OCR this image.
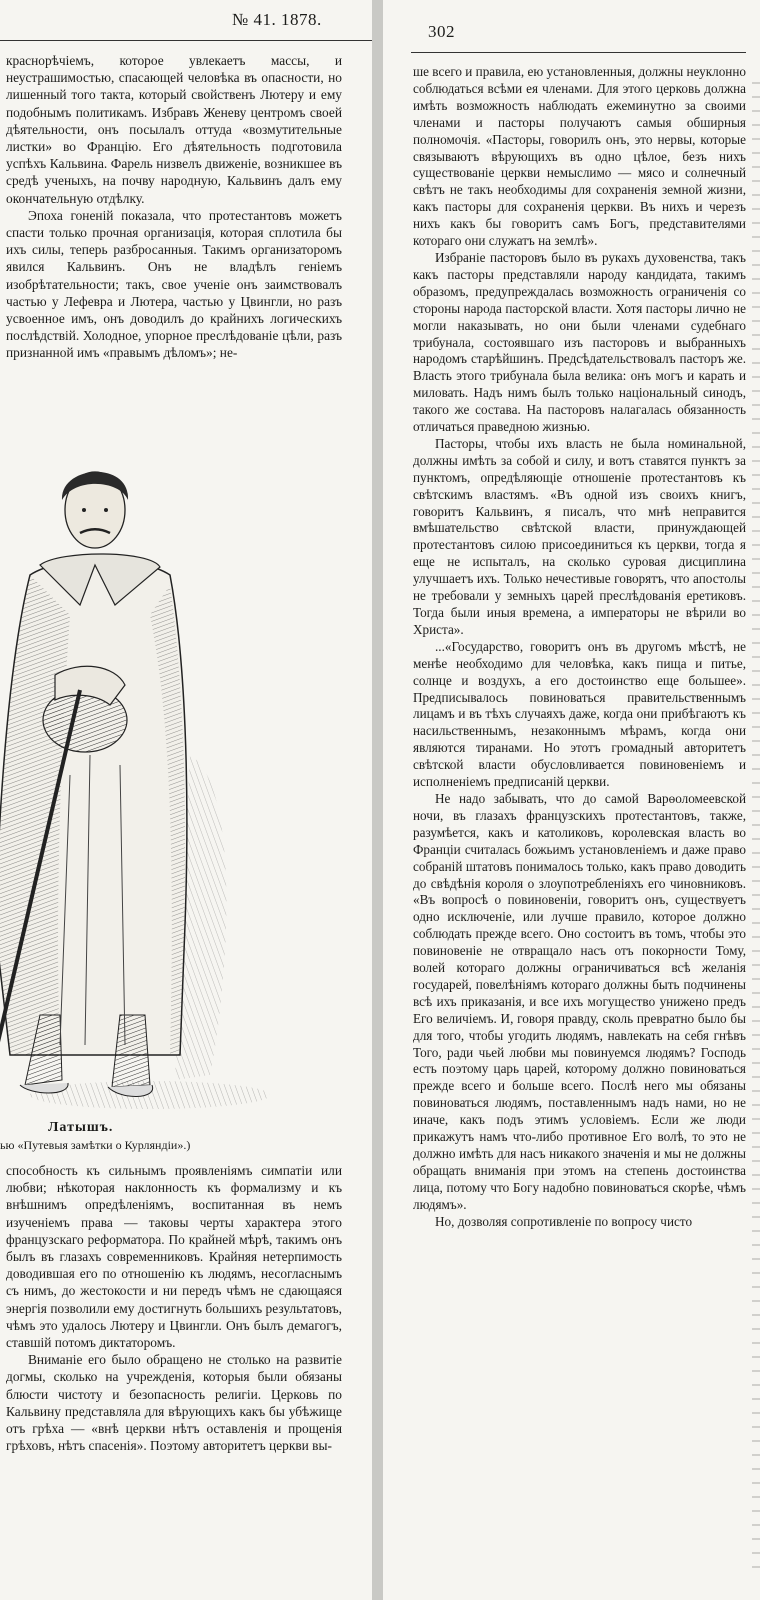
№ 41. 1878.

краснорѣчіемъ, которое увлекаетъ массы, и неустрашимостью, спасающей человѣка въ опасности, но лишенный того такта, который свойственъ Лютеру и ему подобнымъ политикамъ. Избравъ Женеву центромъ своей дѣятельности, онъ посылалъ оттуда «возмутительные листки» во Францію. Его дѣятельность подготовила успѣхъ Кальвина. Фарель низвелъ движеніе, возникшее въ средѣ ученыхъ, на почву народную, Кальвинъ далъ ему окончательную отдѣлку.

Эпоха гоненій показала, что протестантовъ можетъ спасти только прочная организація, которая сплотила бы ихъ силы, теперь разбросанныя. Такимъ организаторомъ явился Кальвинъ. Онъ не владѣлъ геніемъ изобрѣтательности; такъ, свое ученіе онъ заимствовалъ частью у Лефевра и Лютера, частью у Цвингли, но разъ усвоенное имъ, онъ доводилъ до крайнихъ логическихъ послѣдствій. Холодное, упорное преслѣдованіе цѣли, разъ признанной имъ «правымъ дѣломъ»; не-

Латышъ.
ью «Путевыя замѣтки о Курляндіи».)

способность къ сильнымъ проявленіямъ симпатіи или любви; нѣкоторая наклонность къ формализму и къ внѣшнимъ опредѣленіямъ, воспитанная въ немъ изученіемъ права — таковы черты характера этого французскаго реформатора. По крайней мѣрѣ, такимъ онъ былъ въ глазахъ современниковъ. Крайняя нетерпимость доводившая его по отношенію къ людямъ, несогласнымъ съ нимъ, до жестокости и ни передъ чѣмъ не сдающаяся энергія позволили ему достигнуть большихъ результатовъ, чѣмъ это удалось Лютеру и Цвингли. Онъ былъ демагогъ, ставшій потомъ диктаторомъ.

Вниманіе его было обращено не столько на развитіе догмы, сколько на учрежденія, которыя были обязаны блюсти чистоту и безопасность религіи. Церковь по Кальвину представляла для вѣрующихъ какъ бы убѣжище отъ грѣха — «внѣ церкви нѣтъ оставленія и прощенія грѣховъ, нѣтъ спасенія». Поэтому авторитетъ церкви вы-

302

ше всего и правила, ею установленныя, должны неуклонно соблюдаться всѣми ея членами. Для этого церковь должна имѣть возможность наблюдать ежеминутно за своими членами и пасторы получаютъ самыя обширныя полномочія. «Пасторы, говорилъ онъ, это нервы, которые связываютъ вѣрующихъ въ одно цѣлое, безъ нихъ существованіе церкви немыслимо — мясо и солнечный свѣтъ не такъ необходимы для сохраненія земной жизни, какъ пасторы для сохраненія церкви. Въ нихъ и черезъ нихъ какъ бы говоритъ самъ Богъ, представителями котораго они служатъ на землѣ».

Избраніе пасторовъ было въ рукахъ духовенства, такъ какъ пасторы представляли народу кандидата, такимъ образомъ, предупреждалась возможность ограниченія со стороны народа пасторской власти. Хотя пасторы лично не могли наказывать, но они были членами судебнаго трибунала, состоявшаго изъ пасторовъ и выбранныхъ народомъ старѣйшинъ. Предсѣдательствовалъ пасторъ же. Власть этого трибунала была велика: онъ могъ и карать и миловать. Надъ нимъ былъ только національный синодъ, такого же состава. На пасторовъ налагалась обязанность отличаться праведною жизнью.

Пасторы, чтобы ихъ власть не была номинальной, должны имѣть за собой и силу, и вотъ ставятся пунктъ за пунктомъ, опредѣляющіе отношеніе протестантовъ къ свѣтскимъ властямъ. «Въ одной изъ своихъ книгъ, говоритъ Кальвинъ, я писалъ, что мнѣ неправится вмѣшательство свѣтской власти, принуждающей протестантовъ силою присоединиться къ церкви, тогда я еще не испыталъ, на сколько суровая дисциплина улучшаетъ ихъ. Только нечестивые говорятъ, что апостолы не требовали у земныхъ царей преслѣдованія еретиковъ. Тогда были иныя времена, а императоры не вѣрили во Христа».

...«Государство, говоритъ онъ въ другомъ мѣстѣ, не менѣе необходимо для человѣка, какъ пища и питье, солнце и воздухъ, а его достоинство еще большее». Предписывалось повиноваться правительственнымъ лицамъ и въ тѣхъ случаяхъ даже, когда они прибѣгаютъ къ насильственнымъ, незаконнымъ мѣрамъ, когда они являются тиранами. Но этотъ громадный авторитетъ свѣтской власти обусловливается повиновеніемъ и исполненіемъ предписаній церкви.

Не надо забывать, что до самой Варѳоломеевской ночи, въ глазахъ французскихъ протестантовъ, также, разумѣется, какъ и католиковъ, королевская власть во Франціи считалась божьимъ установленіемъ и даже право собраній штатовъ понималось только, какъ право доводить до свѣдѣнія короля о злоупотребленіяхъ его чиновниковъ. «Въ вопросѣ о повиновеніи, говоритъ онъ, существуетъ одно исключеніе, или лучше правило, которое должно соблюдать прежде всего. Оно состоитъ въ томъ, чтобы это повиновеніе не отвращало насъ отъ покорности Тому, волей котораго должны ограничиваться всѣ желанія государей, повелѣніямъ котораго должны быть подчинены всѣ ихъ приказанія, и все ихъ могущество унижено предъ Его величіемъ. И, говоря правду, сколь превратно было бы для того, чтобы угодить людямъ, навлекать на себя гнѣвъ Того, ради чьей любви мы повинуемся людямъ? Господь есть поэтому царь царей, которому должно повиноваться прежде всего и больше всего. Послѣ него мы обязаны повиноваться людямъ, поставленнымъ надъ нами, но не иначе, какъ подъ этимъ условіемъ. Если же люди прикажутъ намъ что-либо противное Его волѣ, то это не должно имѣть для насъ никакого значенія и мы не должны обращать вниманія при этомъ на степень достоинства лица, потому что Богу надобно повиноваться скорѣе, чѣмъ людямъ».

Но, дозволяя сопротивленіе по вопросу чисто
